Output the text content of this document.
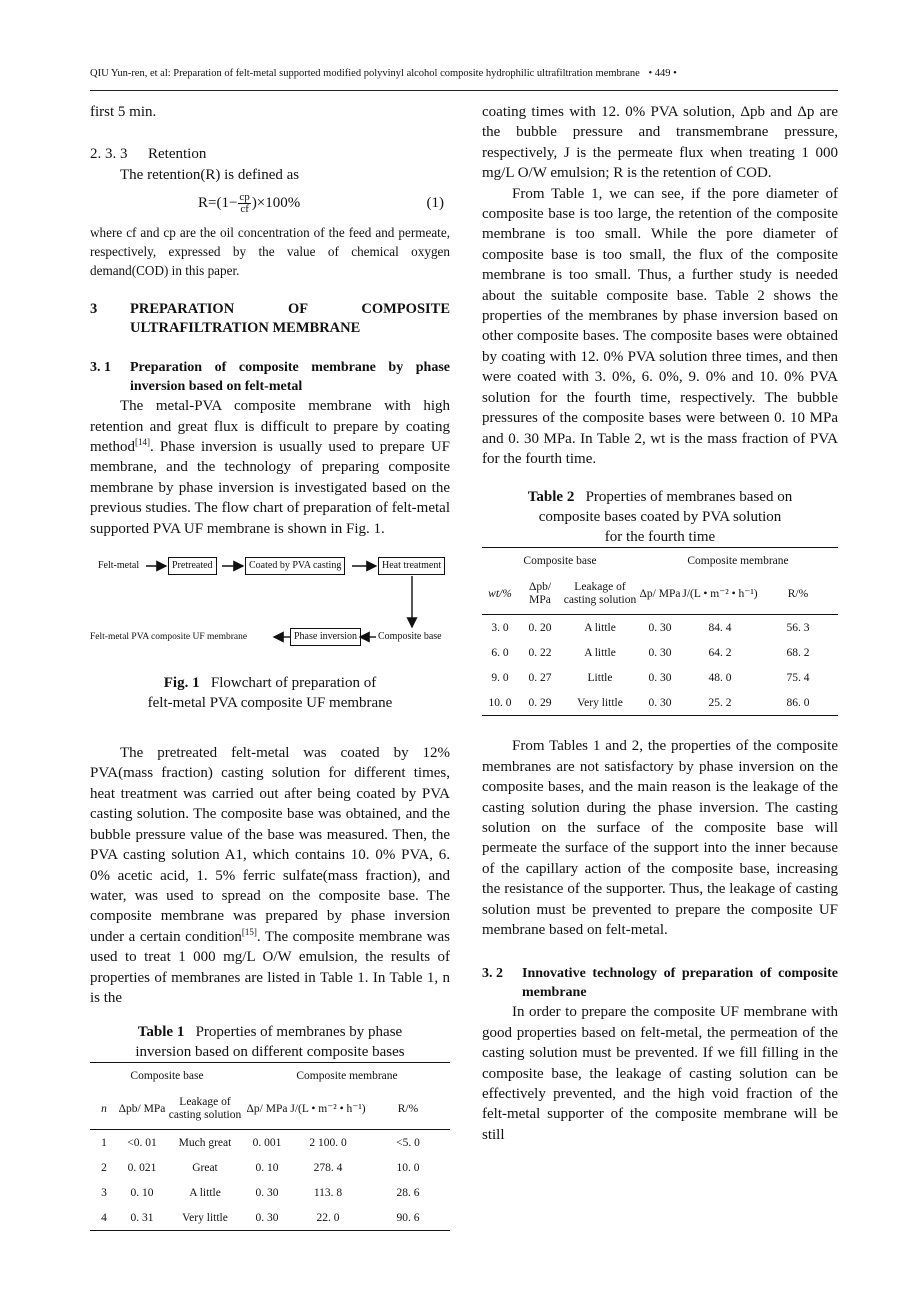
QIU Yun-ren, et al: Preparation of felt-metal supported modified polyvinyl alcohol composite hydrophilic ultrafiltration membrane • 449 •

first 5 min.

2. 3. 3	Retention

The retention(R) is defined as

$R=(1- \frac{cp}{cf} )\times 100\%$	(1)

where cf and cp are the oil concentration of the feed and permeate, respectively, expressed by the value of chemical oxygen demand(COD) in this paper.

3	PREPARATION OF COMPOSITE ULTRAFILTRATION MEMBRANE
3. 1	Preparation of composite membrane by phase inversion based on felt-metal

The metal-PVA composite membrane with high retention and great flux is difficult to prepare by coating method[14]. Phase inversion is usually used to prepare UF membrane, and the technology of preparing composite membrane by phase inversion is investigated based on the previous studies. The flow chart of preparation of felt-metal supported PVA UF membrane is shown in Fig. 1.

Felt-metal	Pretreated	Coated by PVA casting	Heat treatment
Composite base
Phase inversion
Felt-metal PVA composite UF membrane
Fig. 1 Flowchart of preparation of
felt-metal PVA composite UF membrane

The pretreated felt-metal was coated by 12% PVA(mass fraction) casting solution for different times, heat treatment was carried out after being coated by PVA casting solution. The composite base was obtained, and the bubble pressure value of the base was measured. Then, the PVA casting solution A1, which contains 10. 0% PVA, 6. 0% acetic acid, 1. 5% ferric sulfate(mass fraction), and water, was used to spread on the composite base. The composite membrane was prepared by phase inversion under a certain condition[15]. The composite membrane was used to treat 1 000 mg/L O/W emulsion, the results of properties of membranes are listed in Table 1. In Table 1, n is the

Table 1 Properties of membranes by phase
inversion based on different composite bases
Composite base			Composite membrane		
n	Δpb/ MPa	Leakage of casting solution	Δp/ MPa	J/(L • m⁻² • h⁻¹)	R/%
1	<0. 01	Much great	0. 001	2 100. 0	<5. 0
2	0. 021	Great	0. 10	278. 4	10. 0
3	0. 10	A little	0. 30	113. 8	28. 6
4	0. 31	Very little	0. 30	22. 0	90. 6

coating times with 12. 0% PVA solution, Δpb and Δp are the bubble pressure and transmembrane pressure, respectively, J is the permeate flux when treating 1 000 mg/L O/W emulsion; R is the retention of COD.

From Table 1, we can see, if the pore diameter of composite base is too large, the retention of the composite membrane is too small. While the pore diameter of composite base is too small, the flux of the composite membrane is too small. Thus, a further study is needed about the suitable composite base. Table 2 shows the properties of the membranes by phase inversion based on other composite bases. The composite bases were obtained by coating with 12. 0% PVA solution three times, and then were coated with 3. 0%, 6. 0%, 9. 0% and 10. 0% PVA solution for the fourth time, respectively. The bubble pressures of the composite bases were between 0. 10 MPa and 0. 30 MPa. In Table 2, wt is the mass fraction of PVA for the fourth time.

Table 2 Properties of membranes based on
composite bases coated by PVA solution
for the fourth time
Composite base			Composite membrane		
wt/%	Δpb/ MPa	Leakage of casting solution	Δp/ MPa	J/(L • m⁻² • h⁻¹)	R/%
3. 0	0. 20	A little	0. 30	84. 4	56. 3
6. 0	0. 22	A little	0. 30	64. 2	68. 2
9. 0	0. 27	Little	0. 30	48. 0	75. 4
10. 0	0. 29	Very little	0. 30	25. 2	86. 0

From Tables 1 and 2, the properties of the composite membranes are not satisfactory by phase inversion on the composite bases, and the main reason is the leakage of the casting solution during the phase inversion. The casting solution on the surface of the composite base will permeate the surface of the support into the inner because of the capillary action of the composite base, increasing the resistance of the supporter. Thus, the leakage of casting solution must be prevented to prepare the composite UF membrane based on felt-metal.

3. 2	Innovative technology of preparation of composite membrane

In order to prepare the composite UF membrane with good properties based on felt-metal, the permeation of the casting solution must be prevented. If we fill filling in the composite base, the leakage of casting solution can be effectively prevented, and the high void fraction of the felt-metal supporter of the composite membrane will be still
